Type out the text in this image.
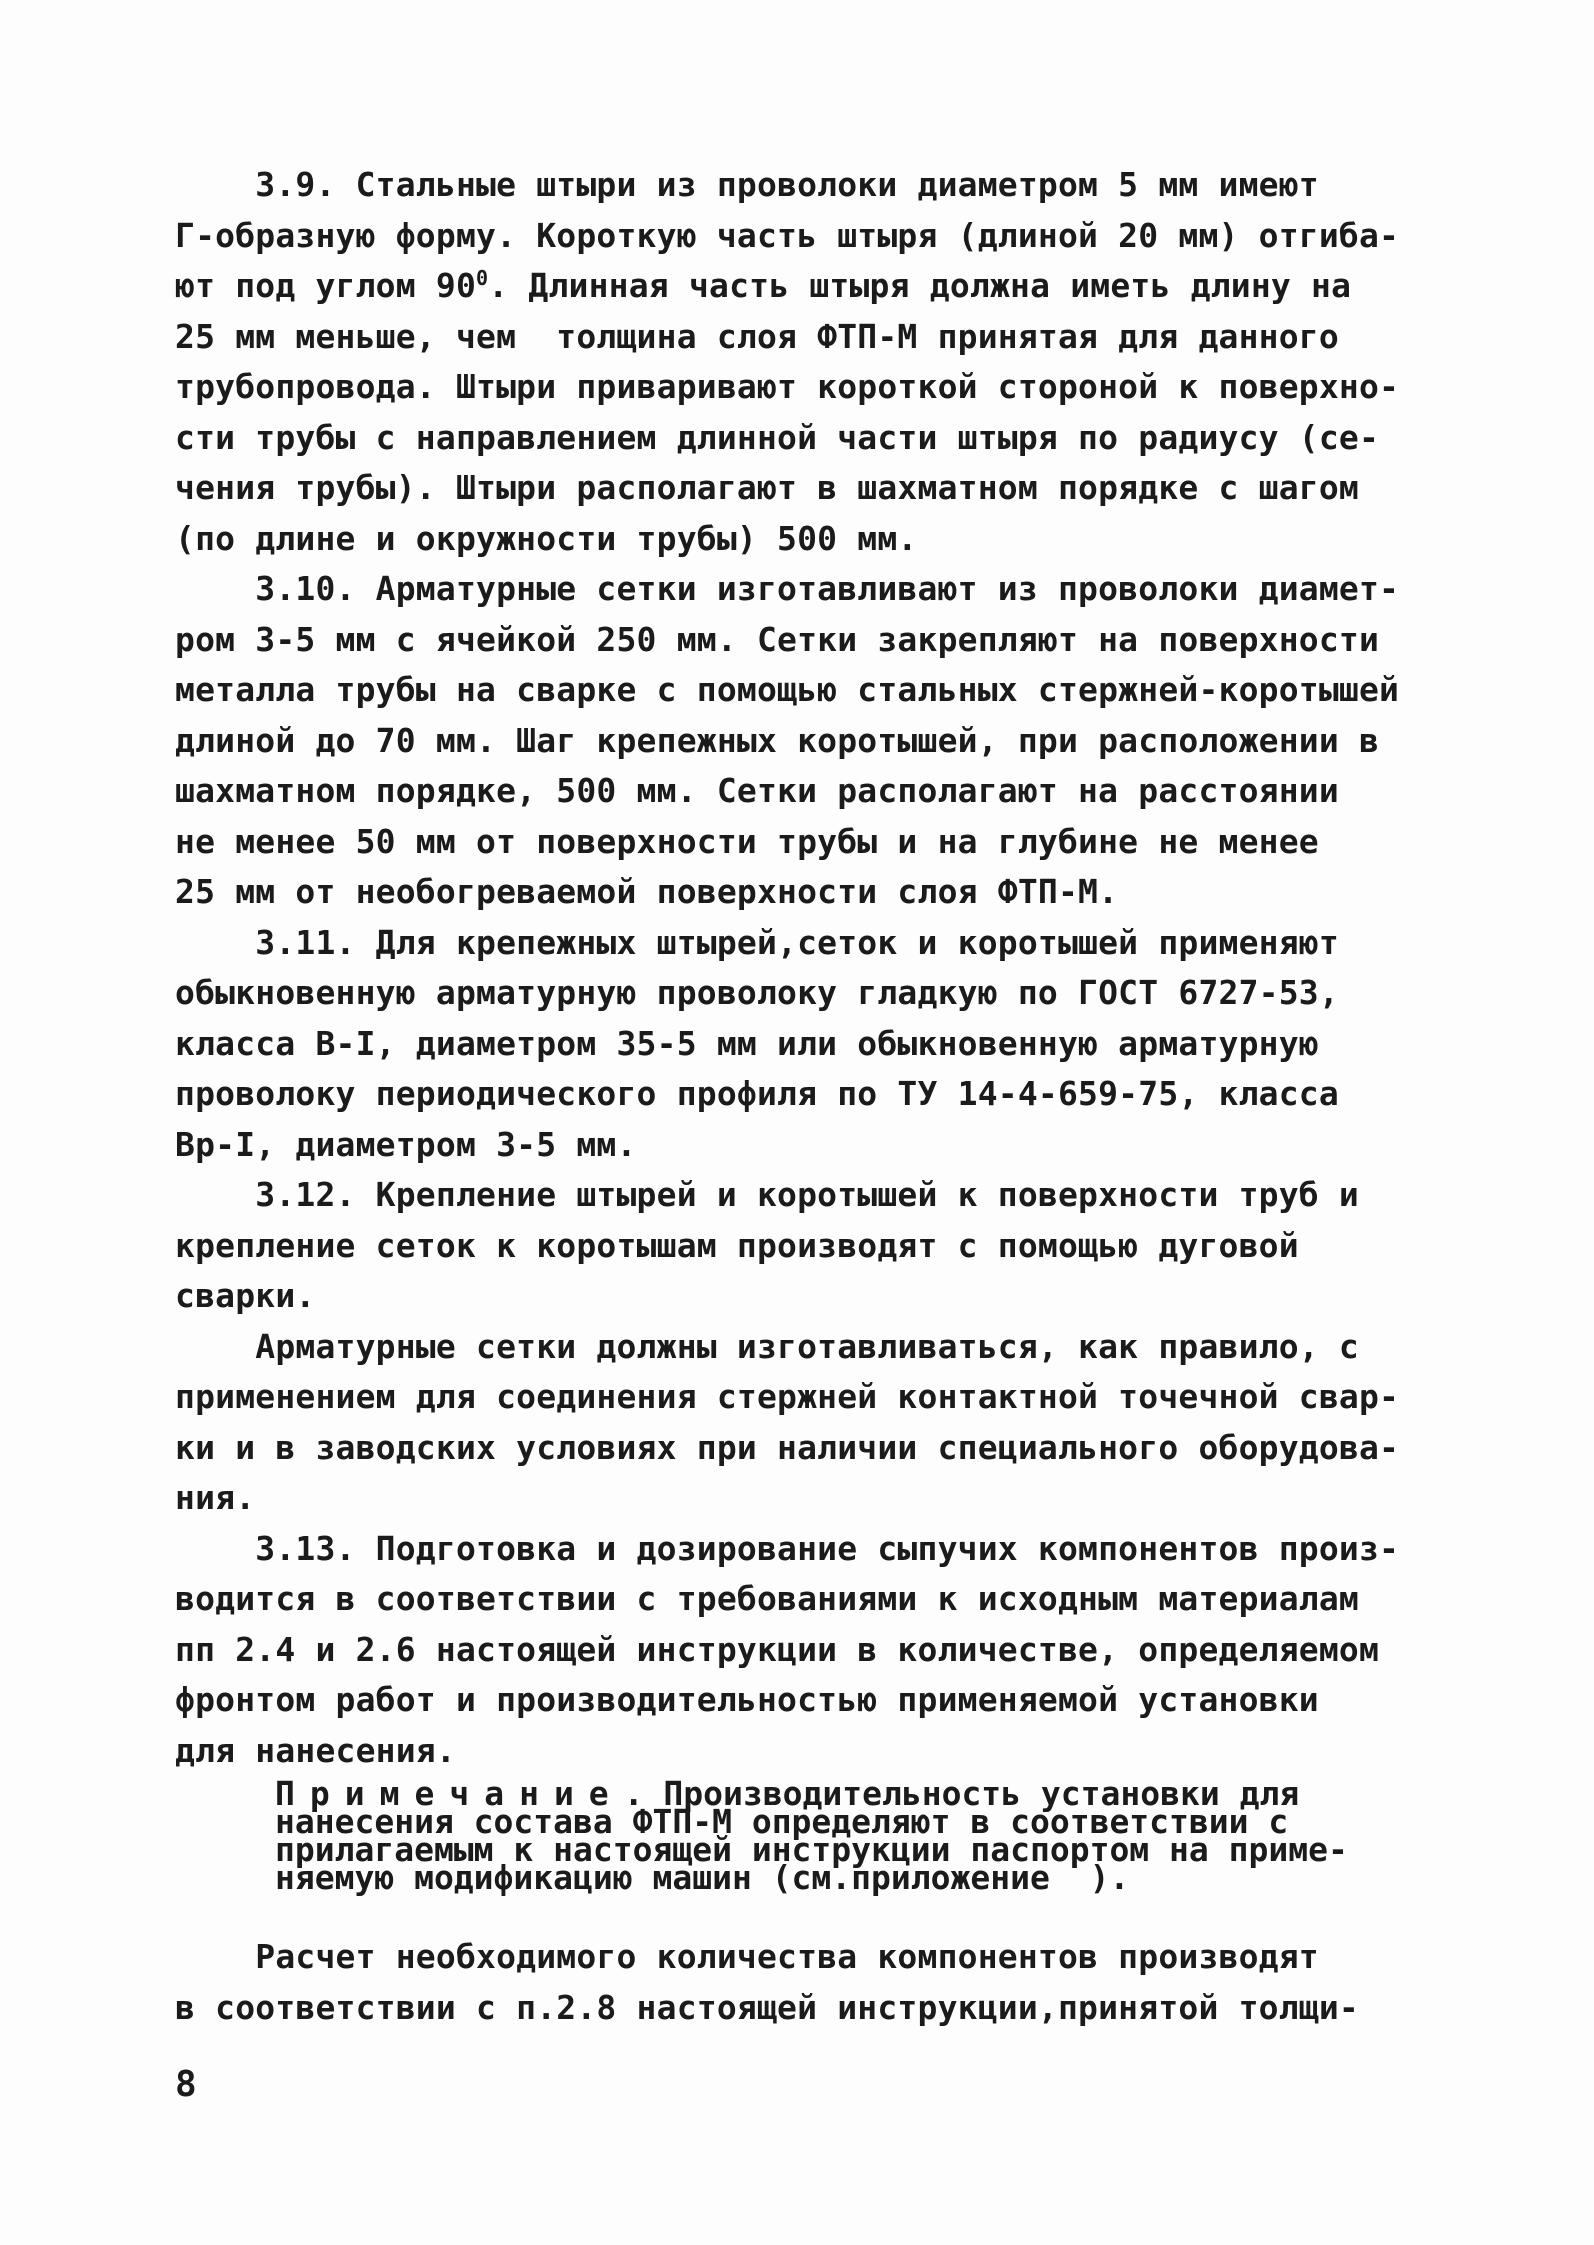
3.9. Стальные штыри из проволоки диаметром 5 мм имеют
Г-образную форму. Короткую часть штыря (длиной 20 мм) отгиба-
ют под углом $90^0$. Длинная часть штыря должна иметь длину на
25 мм меньше, чем  толщина слоя ФТП-М принятая для данного
трубопровода. Штыри приваривают короткой стороной к поверхно-
сти трубы с направлением длинной части штыря по радиусу (се-
чения трубы). Штыри располагают в шахматном порядке с шагом
(по длине и окружности трубы) 500 мм.
3.10. Арматурные сетки изготавливают из проволоки диамет-
ром 3-5 мм с ячейкой 250 мм. Сетки закрепляют на поверхности
металла трубы на сварке с помощью стальных стержней-коротышей
длиной до 70 мм. Шаг крепежных коротышей, при расположении в
шахматном порядке, 500 мм. Сетки располагают на расстоянии
не менее 50 мм от поверхности трубы и на глубине не менее
25 мм от необогреваемой поверхности слоя ФТП-М.
3.11. Для крепежных штырей,сеток и коротышей применяют
обыкновенную арматурную проволоку гладкую по ГОСТ 6727-53,
класса В-I, диаметром 35-5 мм или обыкновенную арматурную
проволоку периодического профиля по ТУ 14-4-659-75, класса
Вр-I, диаметром 3-5 мм.
3.12. Крепление штырей и коротышей к поверхности труб и
крепление сеток к коротышам производят с помощью дуговой
сварки.
Арматурные сетки должны изготавливаться, как правило, с
применением для соединения стержней контактной точечной свар-
ки и в заводских условиях при наличии специального оборудова-
ния.
3.13. Подготовка и дозирование сыпучих компонентов произ-
водится в соответствии с требованиями к исходным материалам
пп 2.4 и 2.6 настоящей инструкции в количестве, определяемом
фронтом работ и производительностью применяемой установки
для нанесения.
Примечание. Производительность установки для
нанесения состава ФТП-М определяют в соответствии с
прилагаемым к настоящей инструкции паспортом на приме-
няемую модификацию машин (см.приложение  ).
Расчет необходимого количества компонентов производят
в соответствии с п.2.8 настоящей инструкции,принятой толщи-
8
